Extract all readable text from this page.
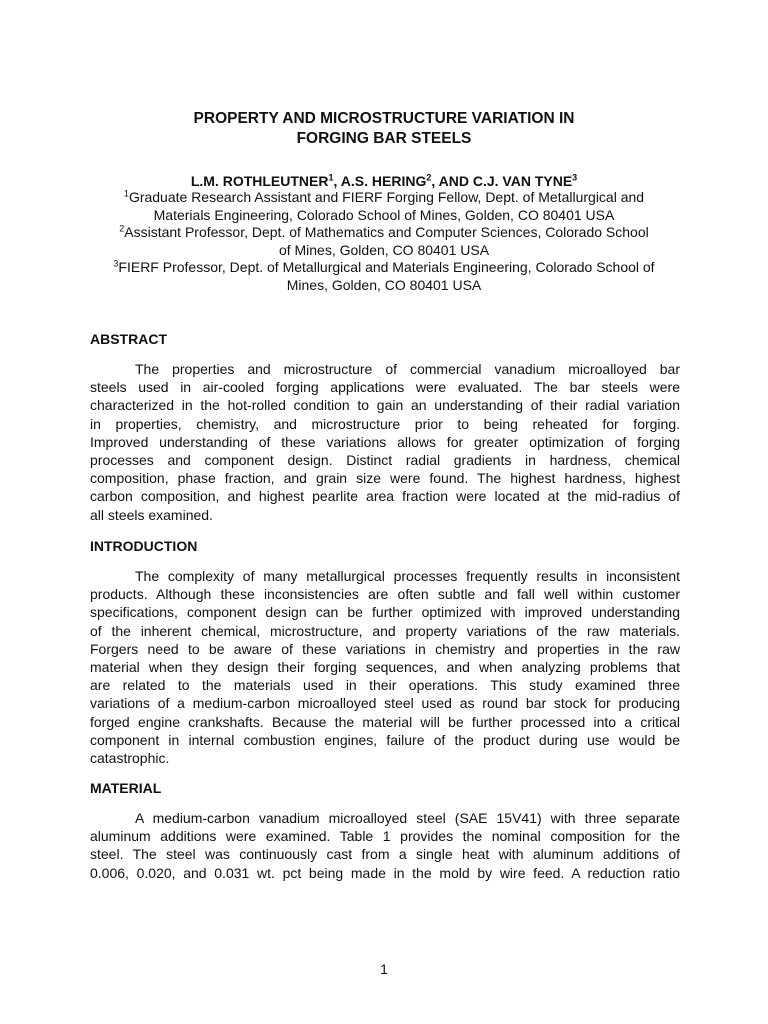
PROPERTY AND MICROSTRUCTURE VARIATION IN
FORGING BAR STEELS
L.M. ROTHLEUTNER$^1$, A.S. HERING$^2$, AND C.J. VAN TYNE$^3$
$^1$Graduate Research Assistant and FIERF Forging Fellow, Dept. of Metallurgical and
Materials Engineering, Colorado School of Mines, Golden, CO 80401 USA
$^2$Assistant Professor, Dept. of Mathematics and Computer Sciences, Colorado School
of Mines, Golden, CO 80401 USA
$^3$FIERF Professor, Dept. of Metallurgical and Materials Engineering, Colorado School of
Mines, Golden, CO 80401 USA
ABSTRACT
The properties and microstructure of commercial vanadium microalloyed bar
steels used in air-cooled forging applications were evaluated. The bar steels were
characterized in the hot-rolled condition to gain an understanding of their radial variation
in properties, chemistry, and microstructure prior to being reheated for forging.
Improved understanding of these variations allows for greater optimization of forging
processes and component design. Distinct radial gradients in hardness, chemical
composition, phase fraction, and grain size were found. The highest hardness, highest
carbon composition, and highest pearlite area fraction were located at the mid-radius of
all steels examined.
INTRODUCTION
The complexity of many metallurgical processes frequently results in inconsistent
products. Although these inconsistencies are often subtle and fall well within customer
specifications, component design can be further optimized with improved understanding
of the inherent chemical, microstructure, and property variations of the raw materials.
Forgers need to be aware of these variations in chemistry and properties in the raw
material when they design their forging sequences, and when analyzing problems that
are related to the materials used in their operations. This study examined three
variations of a medium-carbon microalloyed steel used as round bar stock for producing
forged engine crankshafts. Because the material will be further processed into a critical
component in internal combustion engines, failure of the product during use would be
catastrophic.
MATERIAL
A medium-carbon vanadium microalloyed steel (SAE 15V41) with three separate
aluminum additions were examined. Table 1 provides the nominal composition for the
steel. The steel was continuously cast from a single heat with aluminum additions of
0.006, 0.020, and 0.031 wt. pct being made in the mold by wire feed. A reduction ratio
1
